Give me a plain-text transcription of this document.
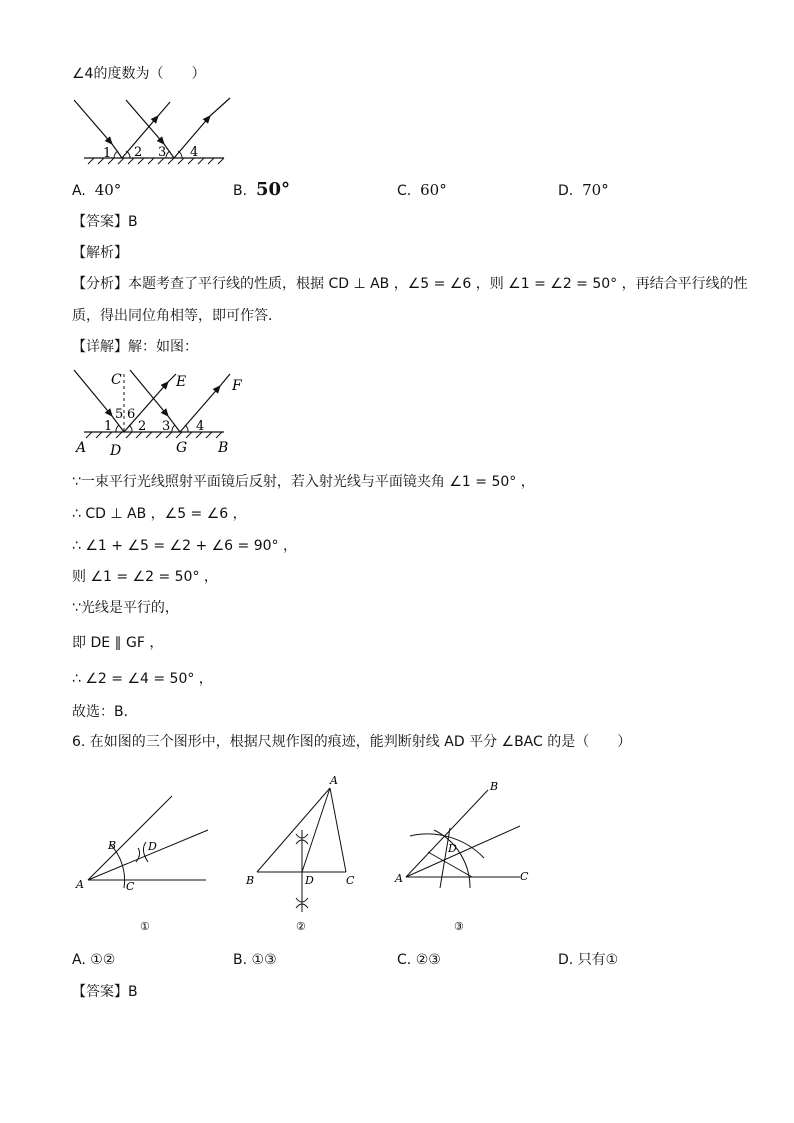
∠4的度数为（　　）
1 2 3 4
A. 40°	B. 50°	C. 60°	D. 70°
【答案】B
【解析】
【分析】本题考查了平行线的性质，根据 CD ⊥ AB ，∠5 = ∠6 ，则 ∠1 = ∠2 = 50° ，再结合平行线的性
质，得出同位角相等，即可作答．
【详解】解：如图：
C	E	F
5 6
1 2 3 4
A D	G B
∵一束平行光线照射平面镜后反射，若入射光线与平面镜夹角 ∠1 = 50° ，
∴ CD ⊥ AB ，∠5 = ∠6 ，
∴ ∠1 + ∠5 = ∠2 + ∠6 = 90° ，
则 ∠1 = ∠2 = 50° ，
∵光线是平行的，
即 DE ∥ GF ，
∴ ∠2 = ∠4 = 50° ，
故选：B．
6. 在如图的三个图形中，根据尺规作图的痕迹，能判断射线 AD 平分 ∠BAC 的是（　　）
B	D
A	C
①
A
B	D	C
②
B
D
A	C
③
A. ①②	B. ①③	C. ②③	D. 只有①
【答案】B
